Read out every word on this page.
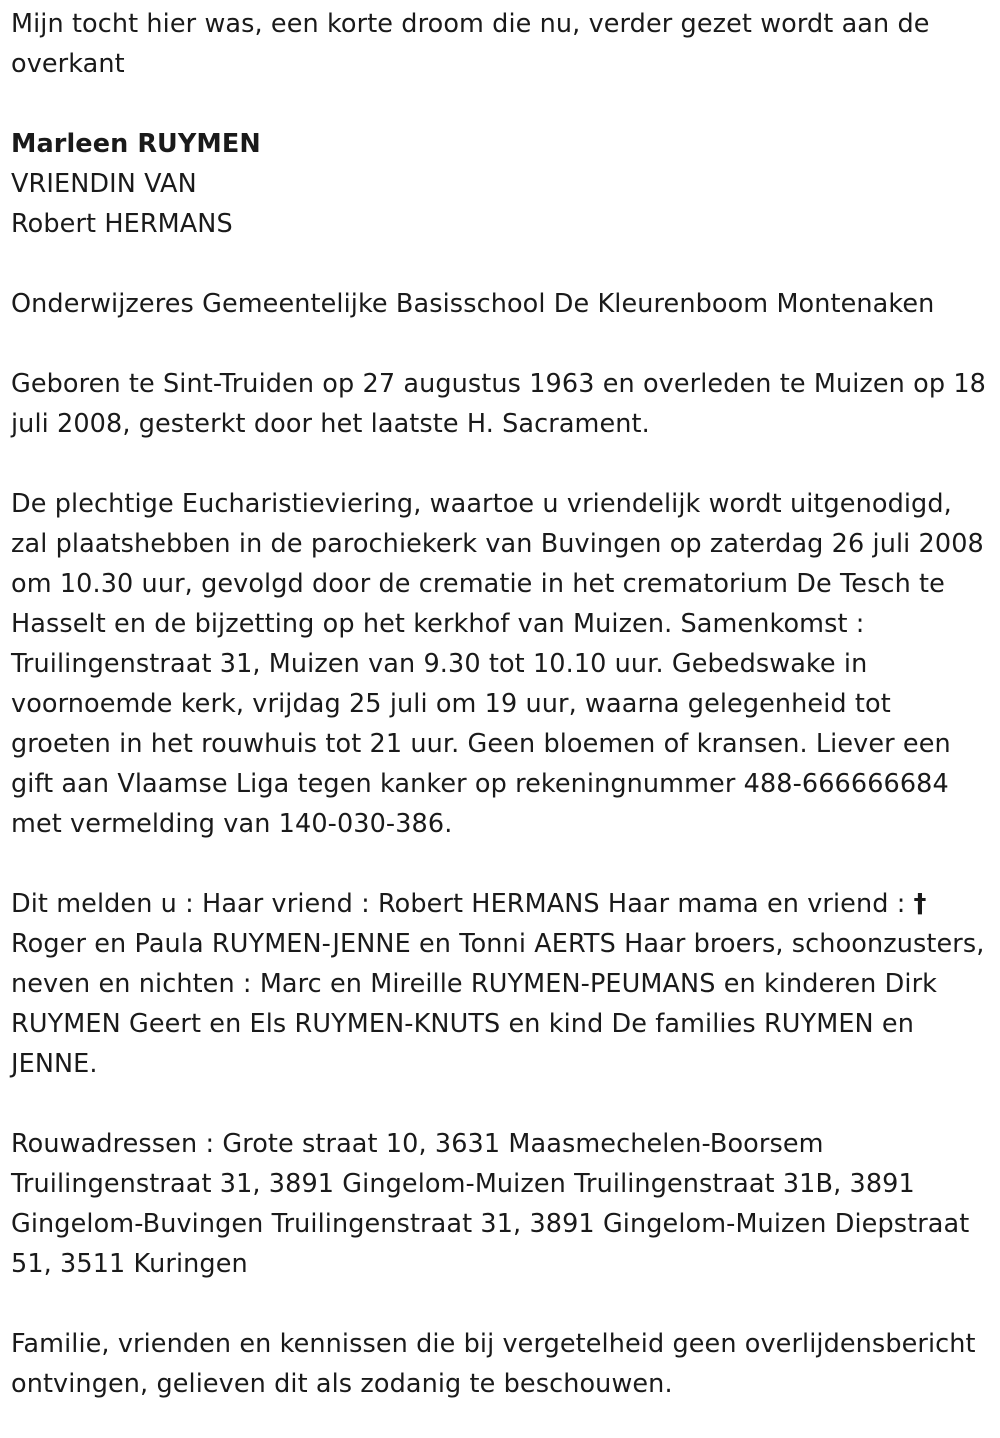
Mijn tocht hier was, een korte droom die nu, verder gezet wordt aan de overkant

Marleen RUYMEN

VRIENDIN VAN

Robert HERMANS

Onderwijzeres Gemeentelijke Basisschool De Kleurenboom Montenaken

Geboren te Sint-Truiden op 27 augustus 1963 en overleden te Muizen op 18 juli 2008, gesterkt door het laatste H. Sacrament.

De plechtige Eucharistieviering, waartoe u vriendelijk wordt uitgenodigd, zal plaatshebben in de parochiekerk van Buvingen op zaterdag 26 juli 2008 om 10.30 uur, gevolgd door de crematie in het crematorium De Tesch te Hasselt en de bijzetting op het kerkhof van Muizen. Samenkomst : Truilingenstraat 31, Muizen van 9.30 tot 10.10 uur. Gebedswake in voornoemde kerk, vrijdag 25 juli om 19 uur, waarna gelegenheid tot groeten in het rouwhuis tot 21 uur. Geen bloemen of kransen. Liever een gift aan Vlaamse Liga tegen kanker op rekeningnummer 488-666666684 met vermelding van 140-030-386.

Dit melden u : Haar vriend : Robert HERMANS Haar mama en vriend : †Roger en Paula RUYMEN-JENNE en Tonni AERTS Haar broers, schoonzusters, neven en nichten : Marc en Mireille RUYMEN-PEUMANS en kinderen Dirk RUYMEN Geert en Els RUYMEN-KNUTS en kind De families RUYMEN en JENNE.

Rouwadressen : Grote straat 10, 3631 Maasmechelen-Boorsem Truilingenstraat 31, 3891 Gingelom-Muizen Truilingenstraat 31B, 3891 Gingelom-Buvingen Truilingenstraat 31, 3891 Gingelom-Muizen Diepstraat 51, 3511 Kuringen

Familie, vrienden en kennissen die bij vergetelheid geen overlijdensbericht ontvingen, gelieven dit als zodanig te beschouwen.
